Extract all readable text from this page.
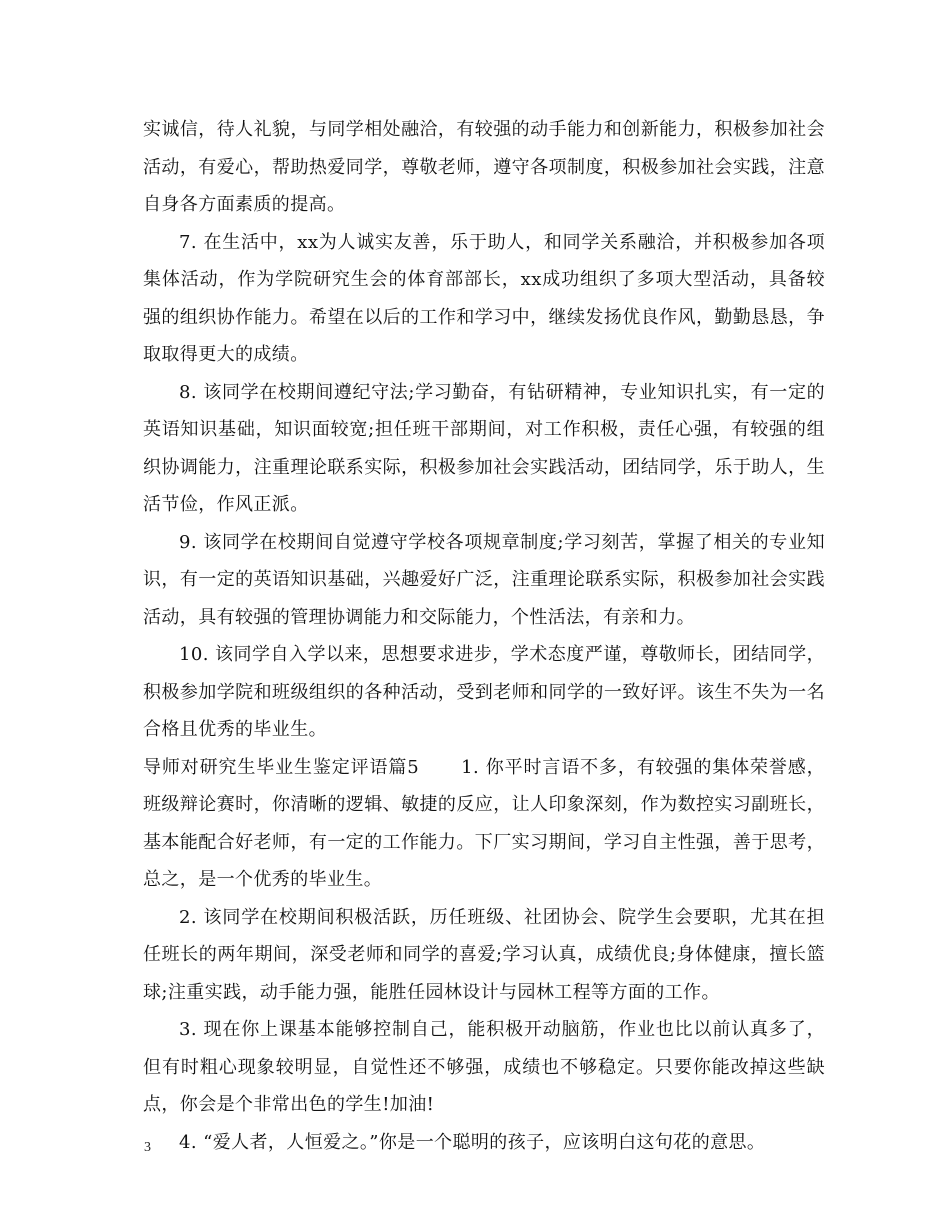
实诚信，待人礼貌，与同学相处融洽，有较强的动手能力和创新能力，积极参加社会活动，有爱心，帮助热爱同学，尊敬老师，遵守各项制度，积极参加社会实践，注意自身各方面素质的提高。

7. 在生活中，xx为人诚实友善，乐于助人，和同学关系融洽，并积极参加各项集体活动，作为学院研究生会的体育部部长，xx成功组织了多项大型活动，具备较强的组织协作能力。希望在以后的工作和学习中，继续发扬优良作风，勤勤恳恳，争取取得更大的成绩。

8. 该同学在校期间遵纪守法;学习勤奋，有钻研精神，专业知识扎实，有一定的英语知识基础，知识面较宽;担任班干部期间，对工作积极，责任心强，有较强的组织协调能力，注重理论联系实际，积极参加社会实践活动，团结同学，乐于助人，生活节俭，作风正派。

9. 该同学在校期间自觉遵守学校各项规章制度;学习刻苦，掌握了相关的专业知识，有一定的英语知识基础，兴趣爱好广泛，注重理论联系实际，积极参加社会实践活动，具有较强的管理协调能力和交际能力，个性活法，有亲和力。

10. 该同学自入学以来，思想要求进步，学术态度严谨，尊敬师长，团结同学，积极参加学院和班级组织的各种活动，受到老师和同学的一致好评。该生不失为一名合格且优秀的毕业生。

导师对研究生毕业生鉴定评语篇5 1. 你平时言语不多，有较强的集体荣誉感，班级辩论赛时，你清晰的逻辑、敏捷的反应，让人印象深刻，作为数控实习副班长，基本能配合好老师，有一定的工作能力。下厂实习期间，学习自主性强，善于思考，总之，是一个优秀的毕业生。

2. 该同学在校期间积极活跃，历任班级、社团协会、院学生会要职，尤其在担任班长的两年期间，深受老师和同学的喜爱;学习认真，成绩优良;身体健康，擅长篮球;注重实践，动手能力强，能胜任园林设计与园林工程等方面的工作。

3. 现在你上课基本能够控制自己，能积极开动脑筋，作业也比以前认真多了，但有时粗心现象较明显，自觉性还不够强，成绩也不够稳定。只要你能改掉这些缺点，你会是个非常出色的学生!加油!

4. “爱人者，人恒爱之。”你是一个聪明的孩子，应该明白这句花的意思。

3
